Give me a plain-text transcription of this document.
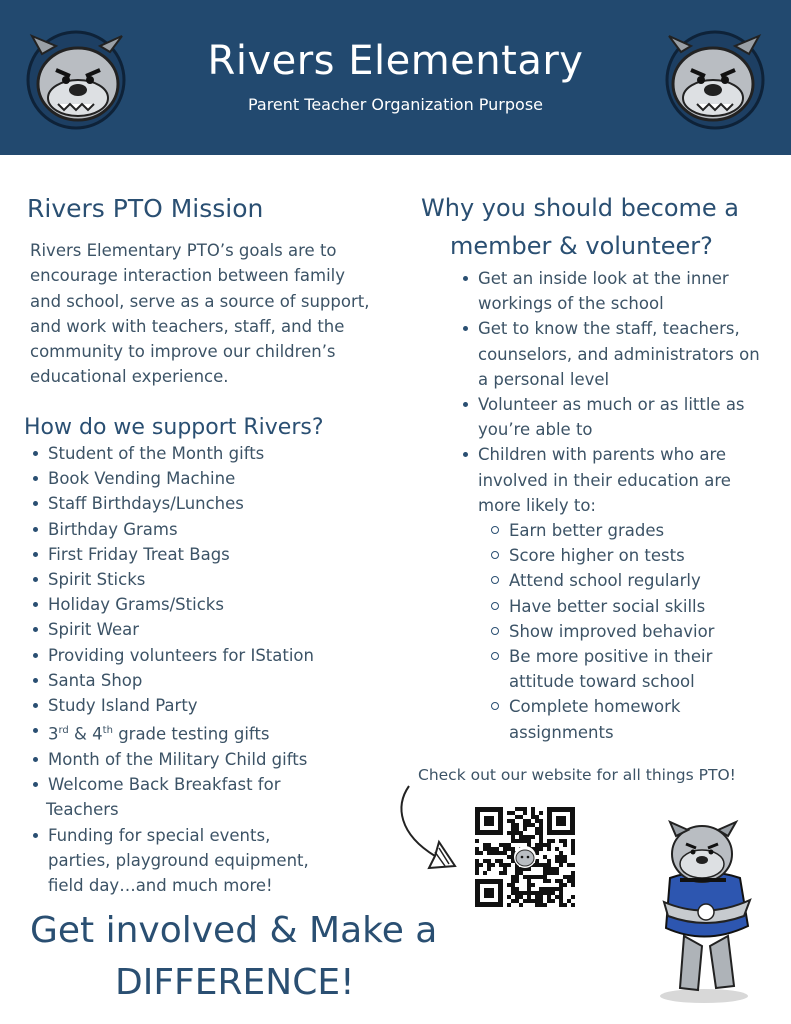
Rivers Elementary
Parent Teacher Organization Purpose
Rivers PTO Mission
Rivers Elementary PTO’s goals are to
encourage interaction between family
and school, serve as a source of support,
and work with teachers, staff, and the
community to improve our children’s
educational experience.
How do we support Rivers?
Student of the Month gifts
Book Vending Machine
Staff Birthdays/Lunches
Birthday Grams
First Friday Treat Bags
Spirit Sticks
Holiday Grams/Sticks
Spirit Wear
Providing volunteers for IStation
Santa Shop
Study Island Party
3rd & 4th grade testing gifts
Month of the Military Child gifts
Welcome Back Breakfast for
Teachers
Funding for special events,
parties, playground equipment,
field day…and much more!
Why you should become a
member & volunteer?
Get an inside look at the inner
workings of the school
Get to know the staff, teachers,
counselors, and administrators on
a personal level
Volunteer as much or as little as
you’re able to
Children with parents who are
involved in their education are
more likely to:
Earn better grades
Score higher on tests
Attend school regularly
Have better social skills
Show improved behavior
Be more positive in their
attitude toward school
Complete homework
assignments
Check out our website for all things PTO!
Get involved & Make a
DIFFERENCE!
